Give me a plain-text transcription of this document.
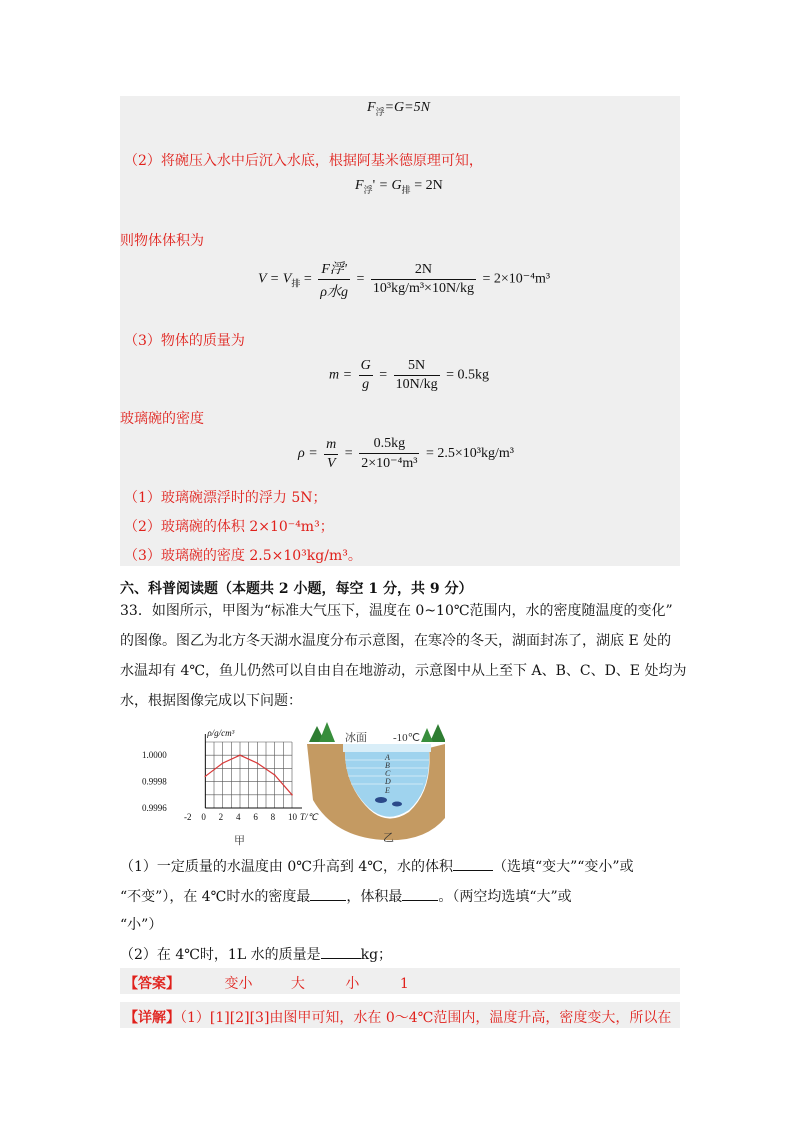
$F_浮=G=5N$
（2）将碗压入水中后沉入水底，根据阿基米德原理可知，
$F_浮' = G_排 = 2N$
则物体体积为
$V = V_排 = \frac{\text{F浮'}}{\text{ρ水g}} = \frac{2N}{\text{10³kg/m³×10N/kg}} = 2\times 10^{-4}m^3$
（3）物体的质量为
$m = \frac{G}{g} = \frac{5N}{10N/kg} = 0.5kg$
玻璃碗的密度
$\rho = \frac{m}{V} = \frac{0.5kg}{\text{2×10⁻⁴m³}} = 2.5\times 10^3kg/m^3$
（1）玻璃碗漂浮时的浮力 5N；
（2）玻璃碗的体积 2×10⁻⁴m³；
（3）玻璃碗的密度 2.5×10³kg/m³。
六、科普阅读题（本题共 2 小题，每空 1 分，共 9 分）
33．如图所示，甲图为“标准大气压下，温度在 0~10℃范围内，水的密度随温度的变化”
的图像。图乙为北方冬天湖水温度分布示意图，在寒冷的冬天，湖面封冻了，湖底 E 处的
水温却有 4℃，鱼儿仍然可以自由自在地游动，示意图中从上至下 A、B、C、D、E 处均为
水，根据图像完成以下问题：
-2 0 2 4 6 8 10
1.0000
0.9998
0.9996
ρ/g/cm³
T/℃
甲
冰面 -10℃
A
B
C
D
E
乙
（1）一定质量的水温度由 0℃升高到 4℃，水的体积	（选填“变大”“变小”或
“不变”），在 4℃时水的密度最	，体积最	。（两空均选填“大”或
“小”）
（2）在 4℃时，1L 水的质量是	kg；
【答案】	变小	大	小	1
【详解】（1）[1][2][3]由图甲可知，水在 0～4℃范围内，温度升高，密度变大，所以在
